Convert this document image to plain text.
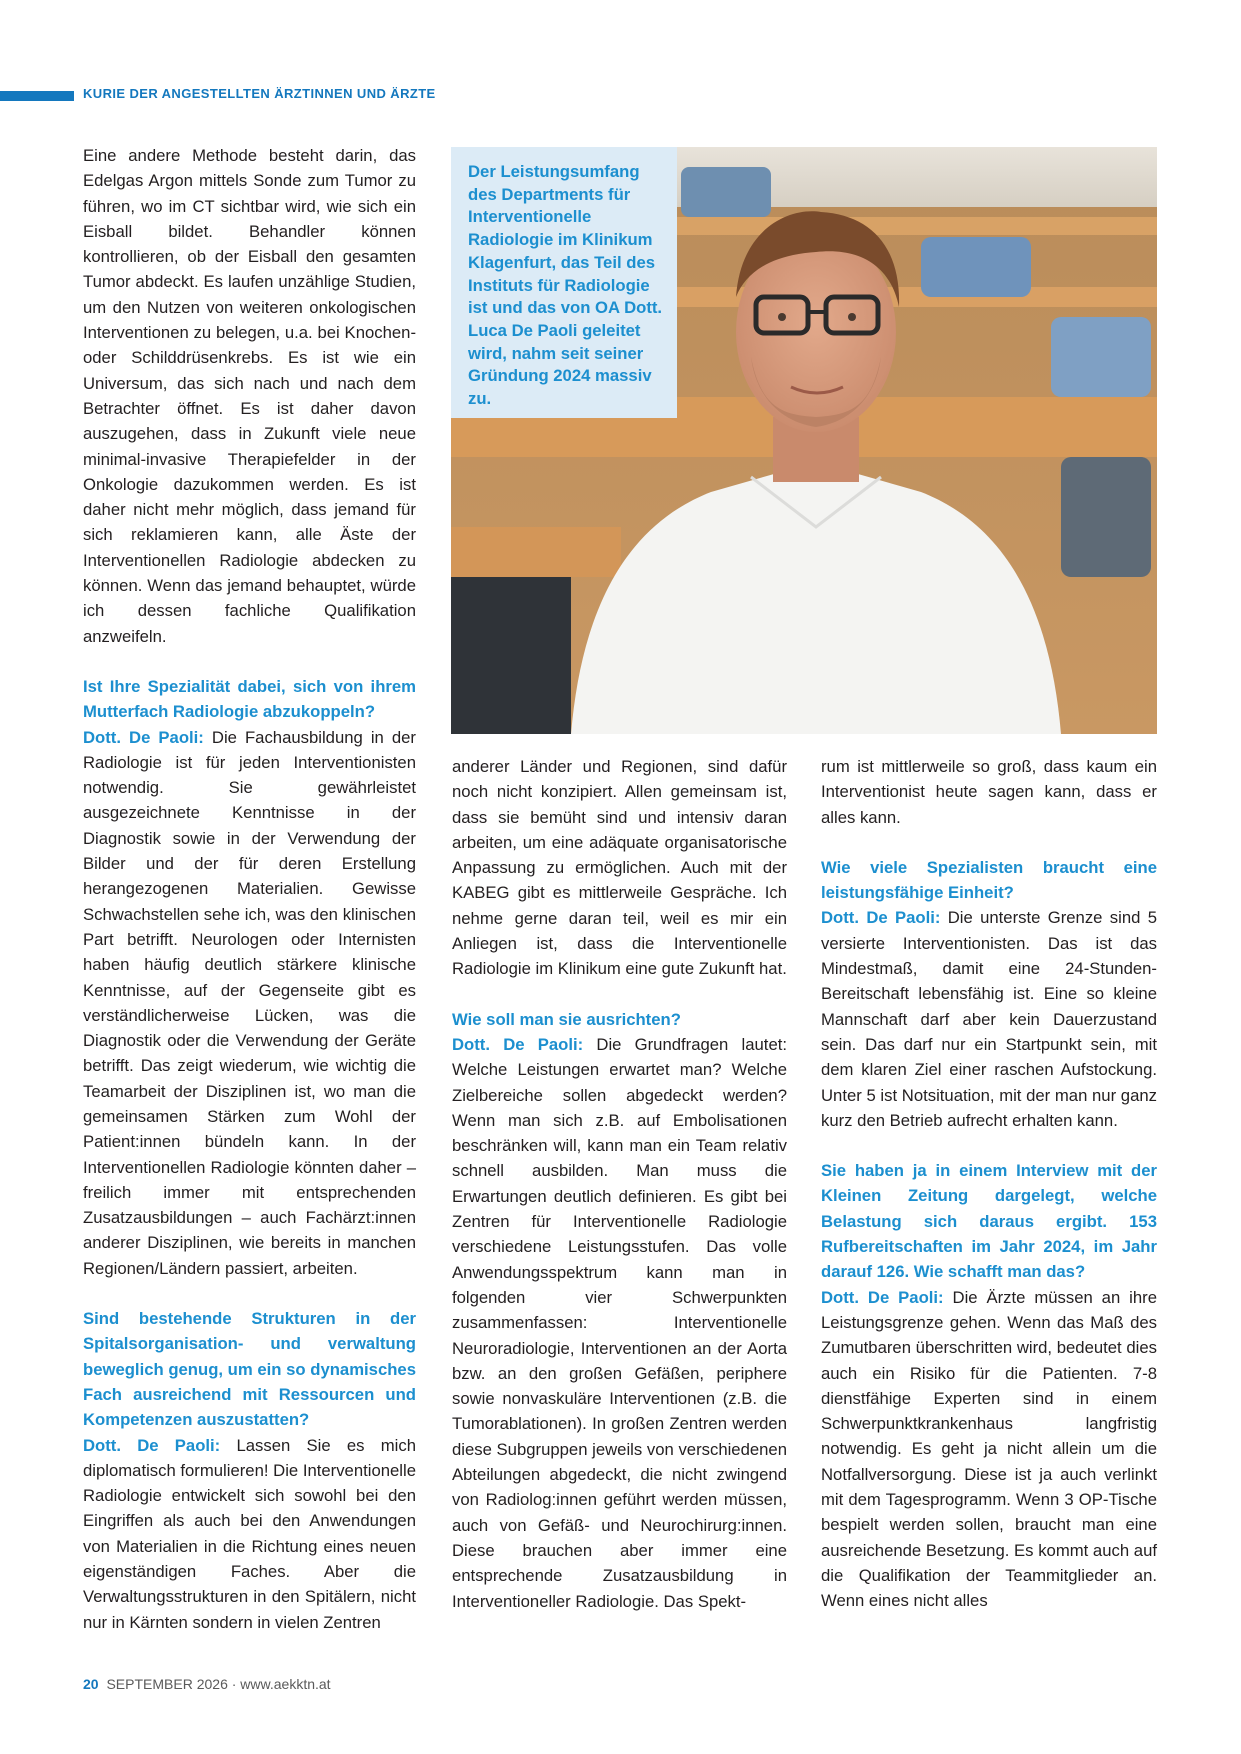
KURIE DER ANGESTELLTEN ÄRZTINNEN UND ÄRZTE

Eine andere Methode besteht darin, das Edelgas Argon mittels Sonde zum Tumor zu führen, wo im CT sichtbar wird, wie sich ein Eisball bildet. Behandler können kontrollieren, ob der Eisball den gesamten Tumor abdeckt. Es laufen unzählige Studien, um den Nutzen von weiteren onkologischen Interventionen zu belegen, u.a. bei Knochen- oder Schilddrüsenkrebs. Es ist wie ein Universum, das sich nach und nach dem Betrachter öffnet. Es ist daher davon auszugehen, dass in Zukunft viele neue minimal-invasive Therapiefelder in der Onkologie dazukommen werden. Es ist daher nicht mehr möglich, dass jemand für sich reklamieren kann, alle Äste der Interventionellen Radiologie abdecken zu können. Wenn das jemand behauptet, würde ich dessen fachliche Qualifikation anzweifeln.

Ist Ihre Spezialität dabei, sich von ihrem Mutterfach Radiologie abzukoppeln?

Dott. De Paoli: Die Fachausbildung in der Radiologie ist für jeden Interventionisten notwendig. Sie gewährleistet ausgezeichnete Kenntnisse in der Diagnostik sowie in der Verwendung der Bilder und der für deren Erstellung herangezogenen Materialien. Gewisse Schwachstellen sehe ich, was den klinischen Part betrifft. Neurologen oder Internisten haben häufig deutlich stärkere klinische Kenntnisse, auf der Gegenseite gibt es verständlicherweise Lücken, was die Diagnostik oder die Verwendung der Geräte betrifft. Das zeigt wiederum, wie wichtig die Teamarbeit der Disziplinen ist, wo man die gemeinsamen Stärken zum Wohl der Patient:innen bündeln kann. In der Interventionellen Radiologie könnten daher – freilich immer mit entsprechenden Zusatzausbildungen – auch Fachärzt:innen anderer Disziplinen, wie bereits in manchen Regionen/Ländern passiert, arbeiten.

Sind bestehende Strukturen in der Spitalsorganisation- und verwaltung beweglich genug, um ein so dynamisches Fach ausreichend mit Ressourcen und Kompetenzen auszustatten?

Dott. De Paoli: Lassen Sie es mich diplomatisch formulieren! Die Interventionelle Radiologie entwickelt sich sowohl bei den Eingriffen als auch bei den Anwendungen von Materialien in die Richtung eines neuen eigenständigen Faches. Aber die Verwaltungsstrukturen in den Spitälern, nicht nur in Kärnten sondern in vielen Zentren

Der Leistungsumfang des Departments für Interventionelle Radiologie im Klinikum Klagenfurt, das Teil des Instituts für Radiologie ist und das von OA Dott. Luca De Paoli geleitet wird, nahm seit seiner Gründung 2024 massiv zu.

anderer Länder und Regionen, sind dafür noch nicht konzipiert. Allen gemeinsam ist, dass sie bemüht sind und intensiv daran arbeiten, um eine adäquate organisatorische Anpassung zu ermöglichen. Auch mit der KABEG gibt es mittlerweile Gespräche. Ich nehme gerne daran teil, weil es mir ein Anliegen ist, dass die Interventionelle Radiologie im Klinikum eine gute Zukunft hat.

Wie soll man sie ausrichten?

Dott. De Paoli: Die Grundfragen lautet: Welche Leistungen erwartet man? Welche Zielbereiche sollen abgedeckt werden? Wenn man sich z.B. auf Embolisationen beschränken will, kann man ein Team relativ schnell ausbilden. Man muss die Erwartungen deutlich definieren. Es gibt bei Zentren für Interventionelle Radiologie verschiedene Leistungsstufen. Das volle Anwendungsspektrum kann man in folgenden vier Schwerpunkten zusammenfassen: Interventionelle Neuroradiologie, Interventionen an der Aorta bzw. an den großen Gefäßen, periphere sowie nonvaskuläre Interventionen (z.B. die Tumorablationen). In großen Zentren werden diese Subgruppen jeweils von verschiedenen Abteilungen abgedeckt, die nicht zwingend von Radiolog:innen geführt werden müssen, auch von Gefäß- und Neurochirurg:innen. Diese brauchen aber immer eine entsprechende Zusatzausbildung in Interventioneller Radiologie. Das Spekt-

rum ist mittlerweile so groß, dass kaum ein Interventionist heute sagen kann, dass er alles kann.

Wie viele Spezialisten braucht eine leistungsfähige Einheit?

Dott. De Paoli: Die unterste Grenze sind 5 versierte Interventionisten. Das ist das Mindestmaß, damit eine 24-Stunden-Bereitschaft lebensfähig ist. Eine so kleine Mannschaft darf aber kein Dauerzustand sein. Das darf nur ein Startpunkt sein, mit dem klaren Ziel einer raschen Aufstockung. Unter 5 ist Notsituation, mit der man nur ganz kurz den Betrieb aufrecht erhalten kann.

Sie haben ja in einem Interview mit der Kleinen Zeitung dargelegt, welche Belastung sich daraus ergibt. 153 Rufbereitschaften im Jahr 2024, im Jahr darauf 126. Wie schafft man das?

Dott. De Paoli: Die Ärzte müssen an ihre Leistungsgrenze gehen. Wenn das Maß des Zumutbaren überschritten wird, bedeutet dies auch ein Risiko für die Patienten. 7-8 dienstfähige Experten sind in einem Schwerpunktkrankenhaus langfristig notwendig. Es geht ja nicht allein um die Notfallversorgung. Diese ist ja auch verlinkt mit dem Tagesprogramm. Wenn 3 OP-Tische bespielt werden sollen, braucht man eine ausreichende Besetzung. Es kommt auch auf die Qualifikation der Teammitglieder an. Wenn eines nicht alles

20 SEPTEMBER 2026 · www.aekktn.at
